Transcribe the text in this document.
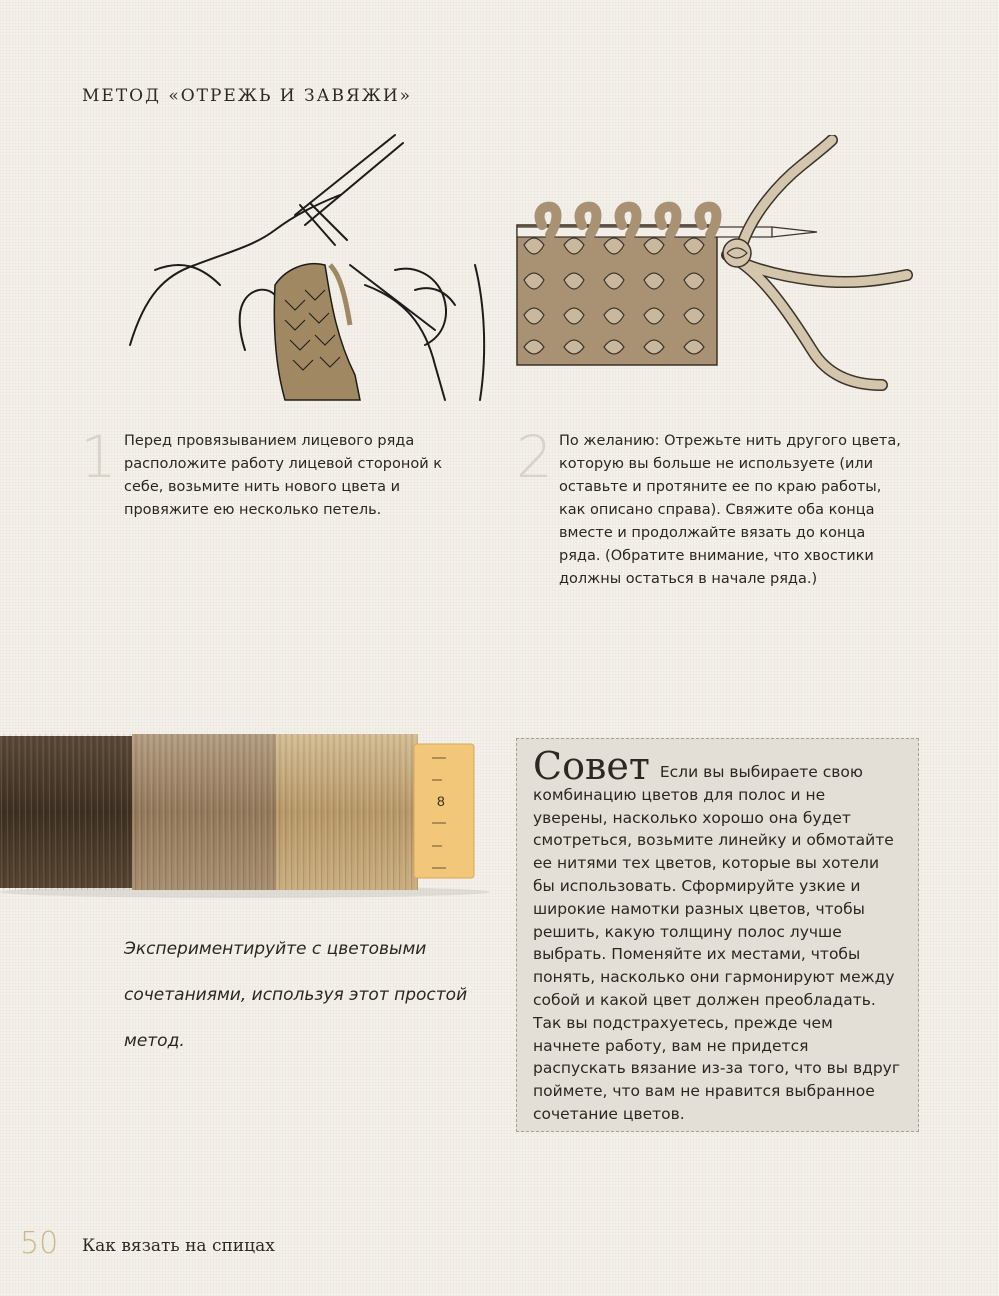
МЕТОД «ОТРЕЖЬ И ЗАВЯЖИ»
1 Перед провязыванием лицевого ряда расположите работу лицевой стороной к себе, возьмите нить нового цвета и провяжите ею несколько петель.
2 По желанию: Отрежьте нить другого цвета, которую вы больше не используете (или оставьте и протяните ее по краю работы, как описано справа). Свяжите оба конца вместе и продолжайте вязать до конца ряда. (Обратите внимание, что хвостики должны остаться в начале ряда.)
8
Экспериментируйте с цветовыми сочетаниями, используя этот простой метод.
Совет Если вы выбираете свою комбинацию цветов для полос и не уверены, насколько хорошо она будет смотреться, возьмите линейку и обмотайте ее нитями тех цветов, которые вы хотели бы использовать. Сформируйте узкие и широкие намотки разных цветов, чтобы решить, какую толщину полос лучше выбрать. Поменяйте их местами, чтобы понять, насколько они гармонируют между собой и какой цвет должен преобладать. Так вы подстрахуетесь, прежде чем начнете работу, вам не придется распускать вязание из-за того, что вы вдруг поймете, что вам не нравится выбранное сочетание цветов.
50 Как вязать на спицах
